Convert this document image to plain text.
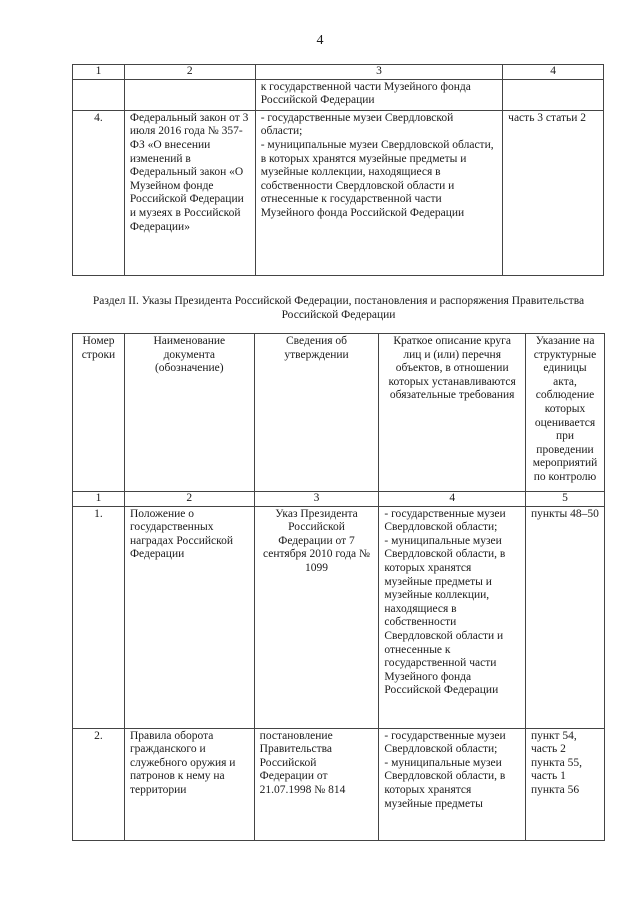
4
1	2	3	4
		к государственной части Музейного фонда Российской Федерации	
4.	Федеральный закон от 3 июля 2016 года № 357-ФЗ «О внесении изменений в Федеральный закон «О Музейном фонде Российской Федерации и музеях в Российской Федерации»	- государственные музеи Свердловской области;
- муниципальные музеи Свердловской области, в которых хранятся музейные предметы и музейные коллекции, находящиеся в собственности Свердловской области и отнесенные к государственной части Музейного фонда Российской Федерации	часть 3 статьи 2
Раздел II. Указы Президента Российской Федерации, постановления и распоряжения Правительства Российской Федерации
Номер строки	Наименование документа (обозначение)	Сведения об утверждении	Краткое описание круга лиц и (или) перечня объектов, в отношении которых устанавливаются обязательные требования	Указание на структурные единицы акта, соблюдение которых оценивается при проведении мероприятий по контролю
1	2	3	4	5
1.	Положение о государственных наградах Российской Федерации	Указ Президента Российской Федерации от 7 сентября 2010 года № 1099	- государственные музеи Свердловской области;
- муниципальные музеи Свердловской области, в которых хранятся музейные предметы и музейные коллекции, находящиеся в собственности Свердловской области и отнесенные к государственной части Музейного фонда Российской Федерации	пункты 48–50
2.	Правила оборота гражданского и служебного оружия и патронов к нему на территории	постановление Правительства Российской Федерации от 21.07.1998 № 814	- государственные музеи Свердловской области;
- муниципальные музеи Свердловской области, в которых хранятся музейные предметы	пункт 54, часть 2 пункта 55, часть 1 пункта 56
